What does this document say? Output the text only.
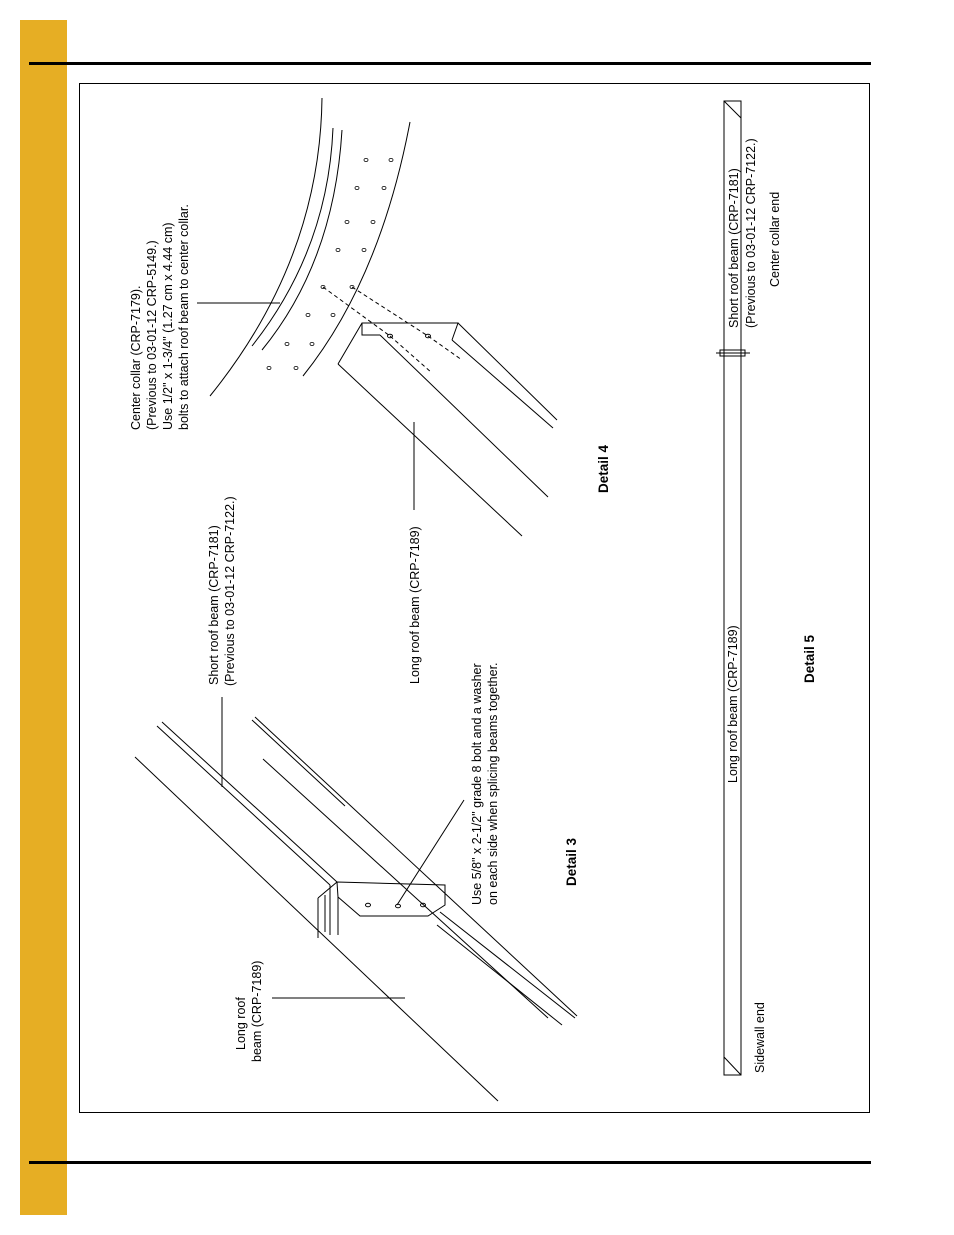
Detail 3
Long roof beam (CRP-7189)
Short roof beam (CRP-7181) (Previous to 03-01-12 CRP-7122.)
Use 5/8" x 2-1/2" grade 8 bolt and a washer on each side when splicing beams together.
Detail 4
Center collar (CRP-7179). (Previous to 03-01-12 CRP-5149.) Use 1/2" x 1-3/4" (1.27 cm x 4.44 cm) bolts to attach roof beam to center collar.
Long roof beam (CRP-7189)	Detail 5
Long roof beam (CRP-7189)
Short roof beam (CRP-7181) (Previous to 03-01-12 CRP-7122.)
Sidewall end
Center collar end
